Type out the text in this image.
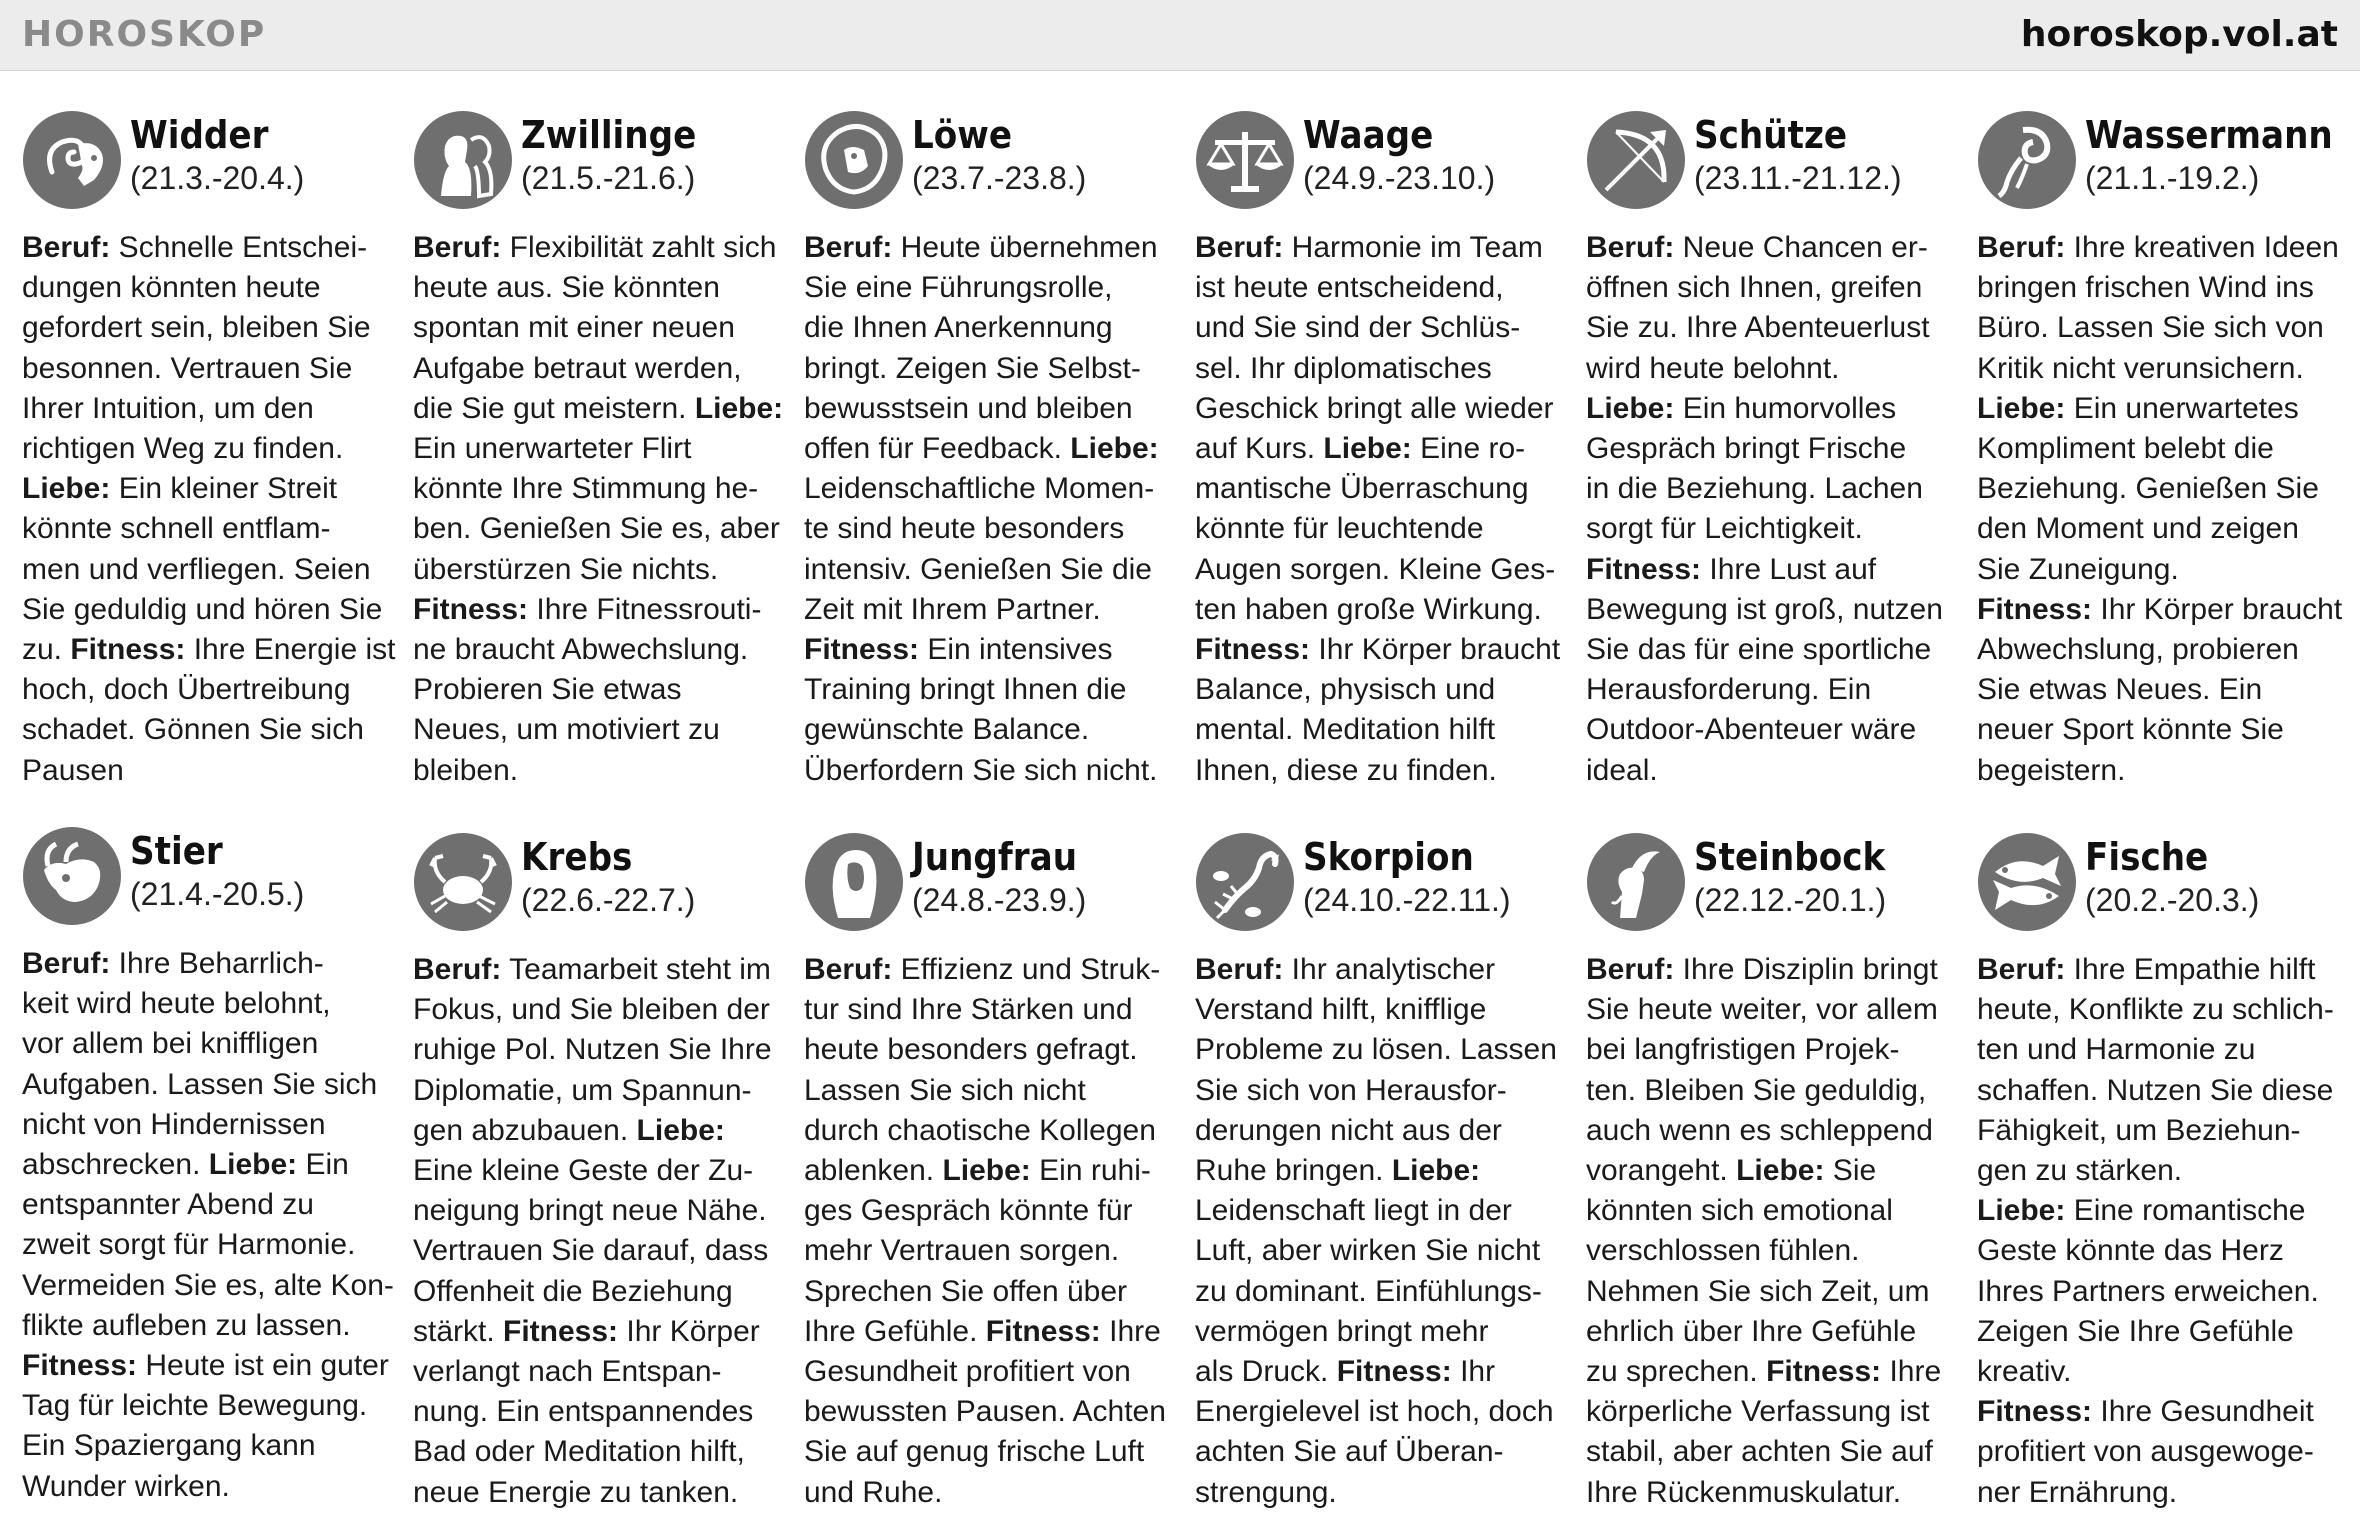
HOROSKOP	horoskop.vol.at
Widder
(21.3.-20.4.)
Beruf: Schnelle Entschei-
dungen könnten heute
gefordert sein, bleiben Sie
besonnen. Vertrauen Sie
Ihrer Intuition, um den
richtigen Weg zu finden.
Liebe: Ein kleiner Streit
könnte schnell entflam-
men und verfliegen. Seien
Sie geduldig und hören Sie
zu. Fitness: Ihre Energie ist
hoch, doch Übertreibung
schadet. Gönnen Sie sich
Pausen
Zwillinge
(21.5.-21.6.)
Beruf: Flexibilität zahlt sich
heute aus. Sie könnten
spontan mit einer neuen
Aufgabe betraut werden,
die Sie gut meistern. Liebe:
Ein unerwarteter Flirt
könnte Ihre Stimmung he-
ben. Genießen Sie es, aber
überstürzen Sie nichts.
Fitness: Ihre Fitnessrouti-
ne braucht Abwechslung.
Probieren Sie etwas
Neues, um motiviert zu
bleiben.
Löwe
(23.7.-23.8.)
Beruf: Heute übernehmen
Sie eine Führungsrolle,
die Ihnen Anerkennung
bringt. Zeigen Sie Selbst-
bewusstsein und bleiben
offen für Feedback. Liebe:
Leidenschaftliche Momen-
te sind heute besonders
intensiv. Genießen Sie die
Zeit mit Ihrem Partner.
Fitness: Ein intensives
Training bringt Ihnen die
gewünschte Balance.
Überfordern Sie sich nicht.
Waage
(24.9.-23.10.)
Beruf: Harmonie im Team
ist heute entscheidend,
und Sie sind der Schlüs-
sel. Ihr diplomatisches
Geschick bringt alle wieder
auf Kurs. Liebe: Eine ro-
mantische Überraschung
könnte für leuchtende
Augen sorgen. Kleine Ges-
ten haben große Wirkung.
Fitness: Ihr Körper braucht
Balance, physisch und
mental. Meditation hilft
Ihnen, diese zu finden.
Schütze
(23.11.-21.12.)
Beruf: Neue Chancen er-
öffnen sich Ihnen, greifen
Sie zu. Ihre Abenteuerlust
wird heute belohnt.
Liebe: Ein humorvolles
Gespräch bringt Frische
in die Beziehung. Lachen
sorgt für Leichtigkeit.
Fitness: Ihre Lust auf
Bewegung ist groß, nutzen
Sie das für eine sportliche
Herausforderung. Ein
Outdoor-Abenteuer wäre
ideal.
Wassermann
(21.1.-19.2.)
Beruf: Ihre kreativen Ideen
bringen frischen Wind ins
Büro. Lassen Sie sich von
Kritik nicht verunsichern.
Liebe: Ein unerwartetes
Kompliment belebt die
Beziehung. Genießen Sie
den Moment und zeigen
Sie Zuneigung.
Fitness: Ihr Körper braucht
Abwechslung, probieren
Sie etwas Neues. Ein
neuer Sport könnte Sie
begeistern.
Stier
(21.4.-20.5.)
Beruf: Ihre Beharrlich-
keit wird heute belohnt,
vor allem bei kniffligen
Aufgaben. Lassen Sie sich
nicht von Hindernissen
abschrecken. Liebe: Ein
entspannter Abend zu
zweit sorgt für Harmonie.
Vermeiden Sie es, alte Kon-
flikte aufleben zu lassen.
Fitness: Heute ist ein guter
Tag für leichte Bewegung.
Ein Spaziergang kann
Wunder wirken.
Krebs
(22.6.-22.7.)
Beruf: Teamarbeit steht im
Fokus, und Sie bleiben der
ruhige Pol. Nutzen Sie Ihre
Diplomatie, um Spannun-
gen abzubauen. Liebe:
Eine kleine Geste der Zu-
neigung bringt neue Nähe.
Vertrauen Sie darauf, dass
Offenheit die Beziehung
stärkt. Fitness: Ihr Körper
verlangt nach Entspan-
nung. Ein entspannendes
Bad oder Meditation hilft,
neue Energie zu tanken.
Jungfrau
(24.8.-23.9.)
Beruf: Effizienz und Struk-
tur sind Ihre Stärken und
heute besonders gefragt.
Lassen Sie sich nicht
durch chaotische Kollegen
ablenken. Liebe: Ein ruhi-
ges Gespräch könnte für
mehr Vertrauen sorgen.
Sprechen Sie offen über
Ihre Gefühle. Fitness: Ihre
Gesundheit profitiert von
bewussten Pausen. Achten
Sie auf genug frische Luft
und Ruhe.
Skorpion
(24.10.-22.11.)
Beruf: Ihr analytischer
Verstand hilft, knifflige
Probleme zu lösen. Lassen
Sie sich von Herausfor-
derungen nicht aus der
Ruhe bringen. Liebe:
Leidenschaft liegt in der
Luft, aber wirken Sie nicht
zu dominant. Einfühlungs-
vermögen bringt mehr
als Druck. Fitness: Ihr
Energielevel ist hoch, doch
achten Sie auf Überan-
strengung.
Steinbock
(22.12.-20.1.)
Beruf: Ihre Disziplin bringt
Sie heute weiter, vor allem
bei langfristigen Projek-
ten. Bleiben Sie geduldig,
auch wenn es schleppend
vorangeht. Liebe: Sie
könnten sich emotional
verschlossen fühlen.
Nehmen Sie sich Zeit, um
ehrlich über Ihre Gefühle
zu sprechen. Fitness: Ihre
körperliche Verfassung ist
stabil, aber achten Sie auf
Ihre Rückenmuskulatur.
Fische
(20.2.-20.3.)
Beruf: Ihre Empathie hilft
heute, Konflikte zu schlich-
ten und Harmonie zu
schaffen. Nutzen Sie diese
Fähigkeit, um Beziehun-
gen zu stärken.
Liebe: Eine romantische
Geste könnte das Herz
Ihres Partners erweichen.
Zeigen Sie Ihre Gefühle
kreativ.
Fitness: Ihre Gesundheit
profitiert von ausgewoge-
ner Ernährung.
